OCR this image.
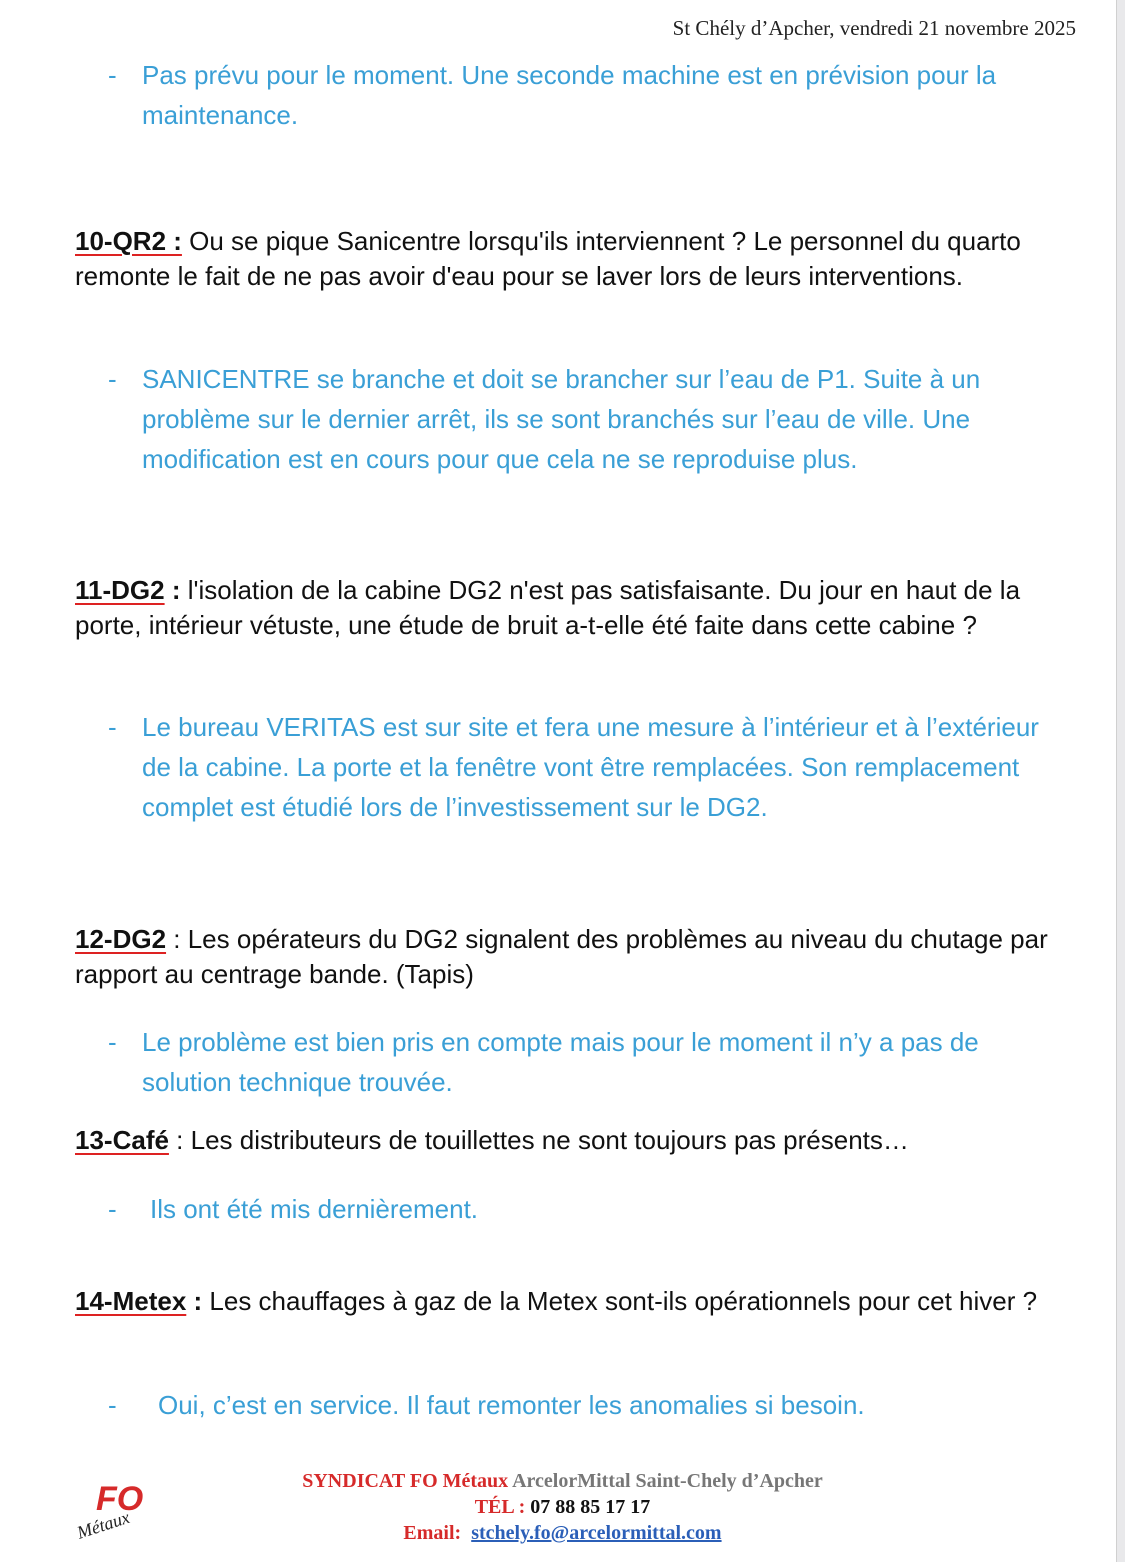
St Chély d’Apcher, vendredi 21 novembre 2025
- Pas prévu pour le moment. Une seconde machine est en prévision pour la maintenance.
10-QR2 : Ou se pique Sanicentre lorsqu'ils interviennent ? Le personnel du quarto remonte le fait de ne pas avoir d'eau pour se laver lors de leurs interventions.
- SANICENTRE se branche et doit se brancher sur l’eau de P1. Suite à un problème sur le dernier arrêt, ils se sont branchés sur l’eau de ville. Une modification est en cours pour que cela ne se reproduise plus.
11-DG2 : l'isolation de la cabine DG2 n'est pas satisfaisante. Du jour en haut de la porte, intérieur vétuste, une étude de bruit a-t-elle été faite dans cette cabine ?
- Le bureau VERITAS est sur site et fera une mesure à l’intérieur et à l’extérieur de la cabine. La porte et la fenêtre vont être remplacées. Son remplacement complet est étudié lors de l’investissement sur le DG2.
12-DG2 : Les opérateurs du DG2 signalent des problèmes au niveau du chutage par rapport au centrage bande. (Tapis)
- Le problème est bien pris en compte mais pour le moment il n’y a pas de solution technique trouvée.
13-Café : Les distributeurs de touillettes ne sont toujours pas présents…
- Ils ont été mis dernièrement.
14-Metex : Les chauffages à gaz de la Metex sont-ils opérationnels pour cet hiver ?
- Oui, c’est en service. Il faut remonter les anomalies si besoin.
FO
Métaux
SYNDICAT FO Métaux ArcelorMittal Saint-Chely d’Apcher
TÉL : 07 88 85 17 17
Email: stchely.fo@arcelormittal.com
